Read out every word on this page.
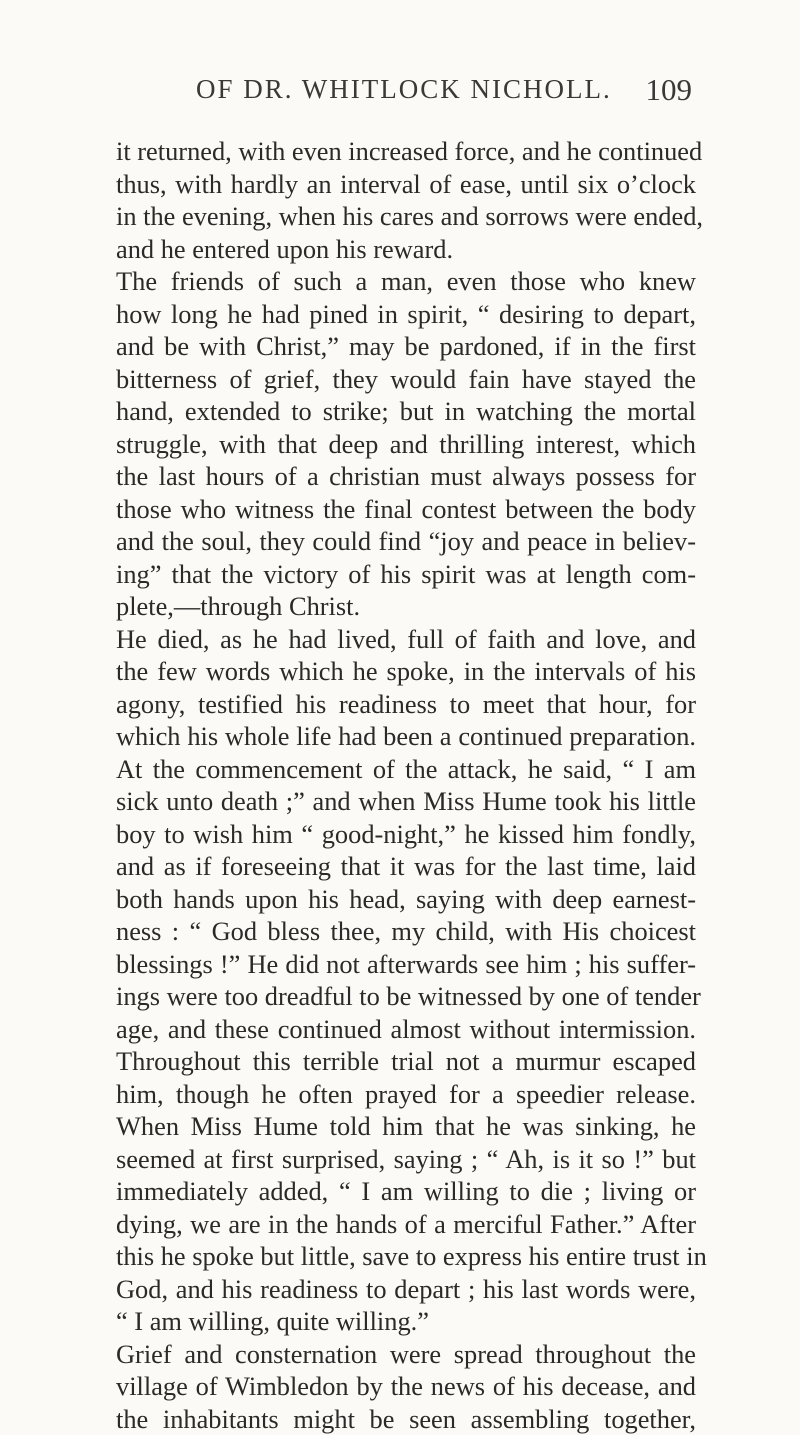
OF DR. WHITLOCK NICHOLL. 109
it returned, with even increased force, and he continued
thus, with hardly an interval of ease, until six o’clock
in the evening, when his cares and sorrows were ended,
and he entered upon his reward.
The friends of such a man, even those who knew
how long he had pined in spirit, “ desiring to depart,
and be with Christ,” may be pardoned, if in the first
bitterness of grief, they would fain have stayed the
hand, extended to strike; but in watching the mortal
struggle, with that deep and thrilling interest, which
the last hours of a christian must always possess for
those who witness the final contest between the body
and the soul, they could find “joy and peace in believ-
ing” that the victory of his spirit was at length com-
plete,—through Christ.
He died, as he had lived, full of faith and love, and
the few words which he spoke, in the intervals of his
agony, testified his readiness to meet that hour, for
which his whole life had been a continued preparation.
At the commencement of the attack, he said, “ I am
sick unto death ;” and when Miss Hume took his little
boy to wish him “ good-night,” he kissed him fondly,
and as if foreseeing that it was for the last time, laid
both hands upon his head, saying with deep earnest-
ness : “ God bless thee, my child, with His choicest
blessings !” He did not afterwards see him ; his suffer-
ings were too dreadful to be witnessed by one of tender
age, and these continued almost without intermission.
Throughout this terrible trial not a murmur escaped
him, though he often prayed for a speedier release.
When Miss Hume told him that he was sinking, he
seemed at first surprised, saying ; “ Ah, is it so !” but
immediately added, “ I am willing to die ; living or
dying, we are in the hands of a merciful Father.” After
this he spoke but little, save to express his entire trust in
God, and his readiness to depart ; his last words were,
“ I am willing, quite willing.”
Grief and consternation were spread throughout the
village of Wimbledon by the news of his decease, and
the inhabitants might be seen assembling together,
